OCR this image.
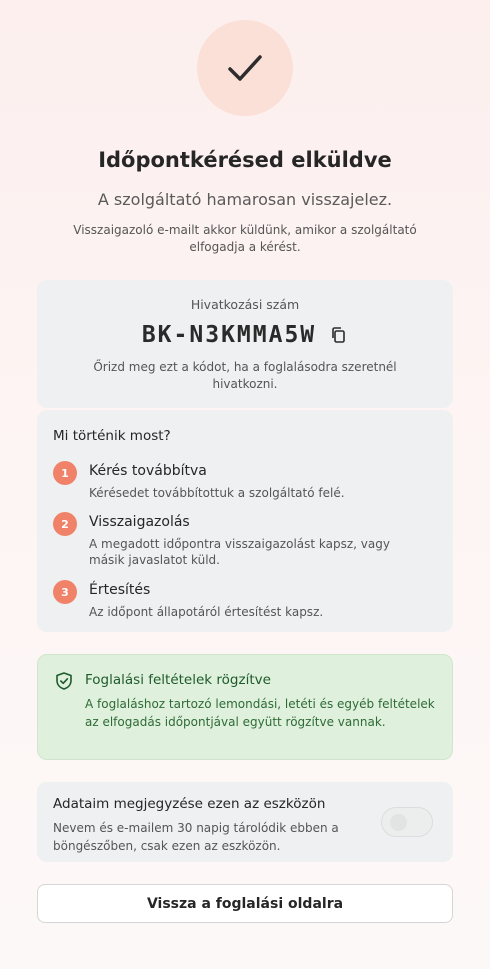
Időpontkérésed elküldve

A szolgáltató hamarosan visszajelez.

Visszaigazoló e-mailt akkor küldünk, amikor a szolgáltató elfogadja a kérést.

Hivatkozási szám
BK-N3KMMA5W
Őrizd meg ezt a kódot, ha a foglalásodra szeretnél hivatkozni.
Mi történik most?
1	Kérés továbbítva
Kérésedet továbbítottuk a szolgáltató felé.
2	Visszaigazolás
A megadott időpontra visszaigazolást kapsz, vagy másik javaslatot küld.
3	Értesítés
Az időpont állapotáról értesítést kapsz.
Foglalási feltételek rögzítve
A foglaláshoz tartozó lemondási, letéti és egyéb feltételek az elfogadás időpontjával együtt rögzítve vannak.
Adataim megjegyzése ezen az eszközön
Nevem és e-mailem 30 napig tárolódik ebben a böngészőben, csak ezen az eszközön.
Vissza a foglalási oldalra
